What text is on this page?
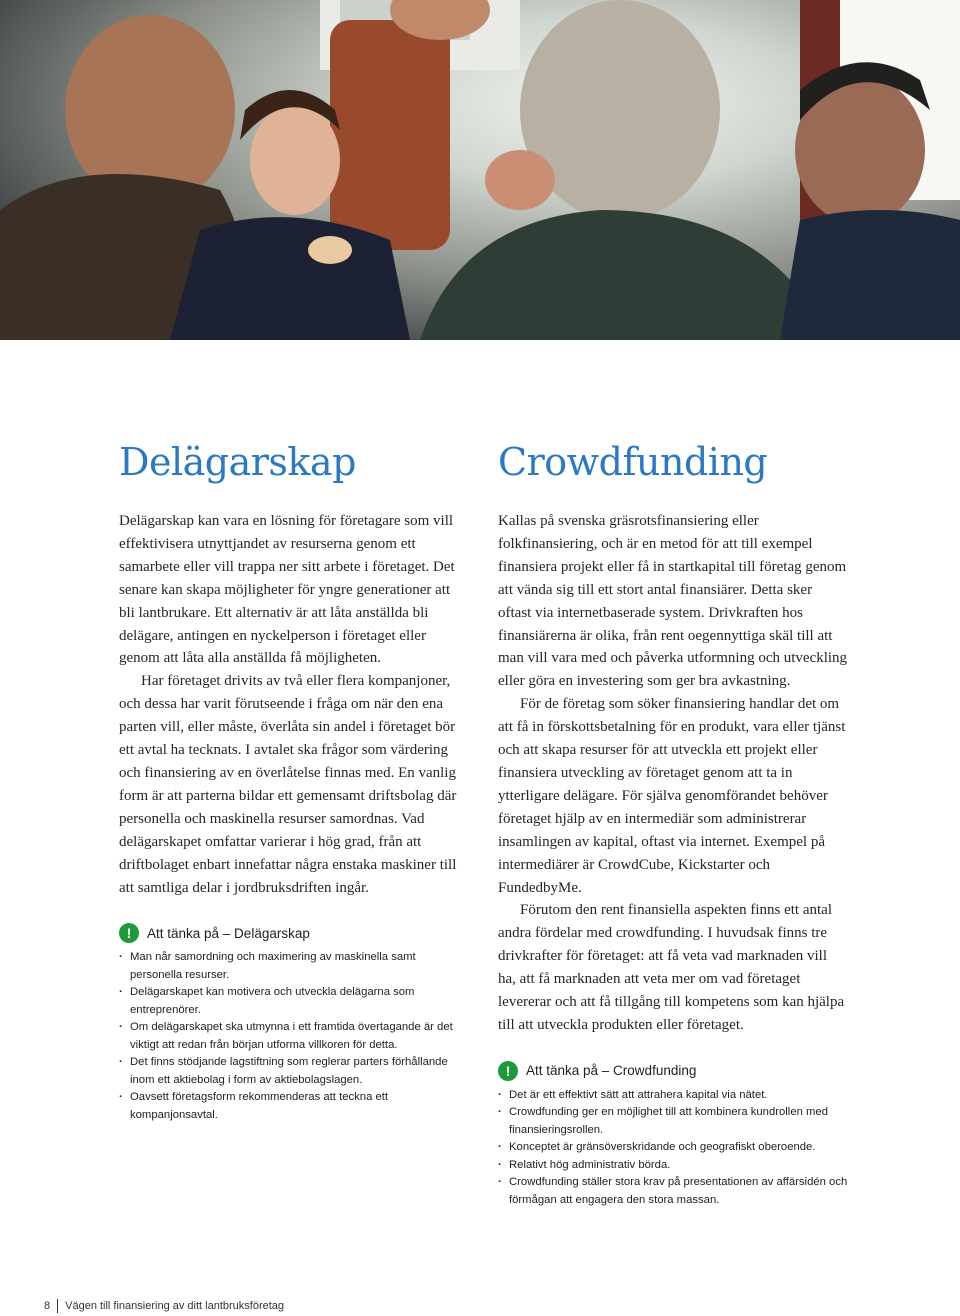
Delägarskap

Delägarskap kan vara en lösning för företagare som vill effektivisera utnyttjandet av resurserna genom ett samarbete eller vill trappa ner sitt arbete i företaget. Det senare kan skapa möjligheter för yngre generationer att bli lantbrukare. Ett alternativ är att låta anställda bli delägare, antingen en nyckelperson i företaget eller genom att låta alla anställda få möjligheten.

Har företaget drivits av två eller flera kompanjoner, och dessa har varit förutseende i fråga om när den ena parten vill, eller måste, överlåta sin andel i företaget bör ett avtal ha tecknats. I avtalet ska frågor som värdering och finansiering av en överlåtelse finnas med. En vanlig form är att parterna bildar ett gemensamt driftsbolag där personella och maskinella resurser samordnas. Vad delägarskapet omfattar varierar i hög grad, från att driftbolaget enbart innefattar några enstaka maskiner till att samtliga delar i jordbruksdriften ingår.

!	Att tänka på – Delägarskap
· Man når samordning och maximering av maskinella samt personella resurser.
· Delägarskapet kan motivera och utveckla delägarna som entreprenörer.
· Om delägarskapet ska utmynna i ett framtida övertagande är det viktigt att redan från början utforma villkoren för detta.
· Det finns stödjande lagstiftning som reglerar parters förhållande inom ett aktiebolag i form av aktiebolagslagen.
· Oavsett företagsform rekommenderas att teckna ett kompanjonsavtal.
Crowdfunding

Kallas på svenska gräsrotsfinansiering eller folkfinansiering, och är en metod för att till exempel finansiera projekt eller få in startkapital till företag genom att vända sig till ett stort antal finansiärer. Detta sker oftast via internetbaserade system. Drivkraften hos finansiärerna är olika, från rent oegennyttiga skäl till att man vill vara med och påverka utformning och utveckling eller göra en investering som ger bra avkastning.

För de företag som söker finansiering handlar det om att få in förskottsbetalning för en produkt, vara eller tjänst och att skapa resurser för att utveckla ett projekt eller finansiera utveckling av företaget genom att ta in ytterligare delägare. För själva genomförandet behöver företaget hjälp av en intermediär som administrerar insamlingen av kapital, oftast via internet. Exempel på intermediärer är CrowdCube, Kickstarter och FundedbyMe.

Förutom den rent finansiella aspekten finns ett antal andra fördelar med crowdfunding. I huvudsak finns tre drivkrafter för företaget: att få veta vad marknaden vill ha, att få marknaden att veta mer om vad företaget levererar och att få tillgång till kompetens som kan hjälpa till att utveckla produkten eller företaget.

!	Att tänka på – Crowdfunding
· Det är ett effektivt sätt att attrahera kapital via nätet.
· Crowdfunding ger en möjlighet till att kombinera kundrollen med finansieringsrollen.
· Konceptet är gränsöverskridande och geografiskt oberoende.
· Relativt hög administrativ börda.
· Crowdfunding ställer stora krav på presentationen av affärsidén och förmågan att engagera den stora massan.
8 Vägen till finansiering av ditt lantbruksföretag
